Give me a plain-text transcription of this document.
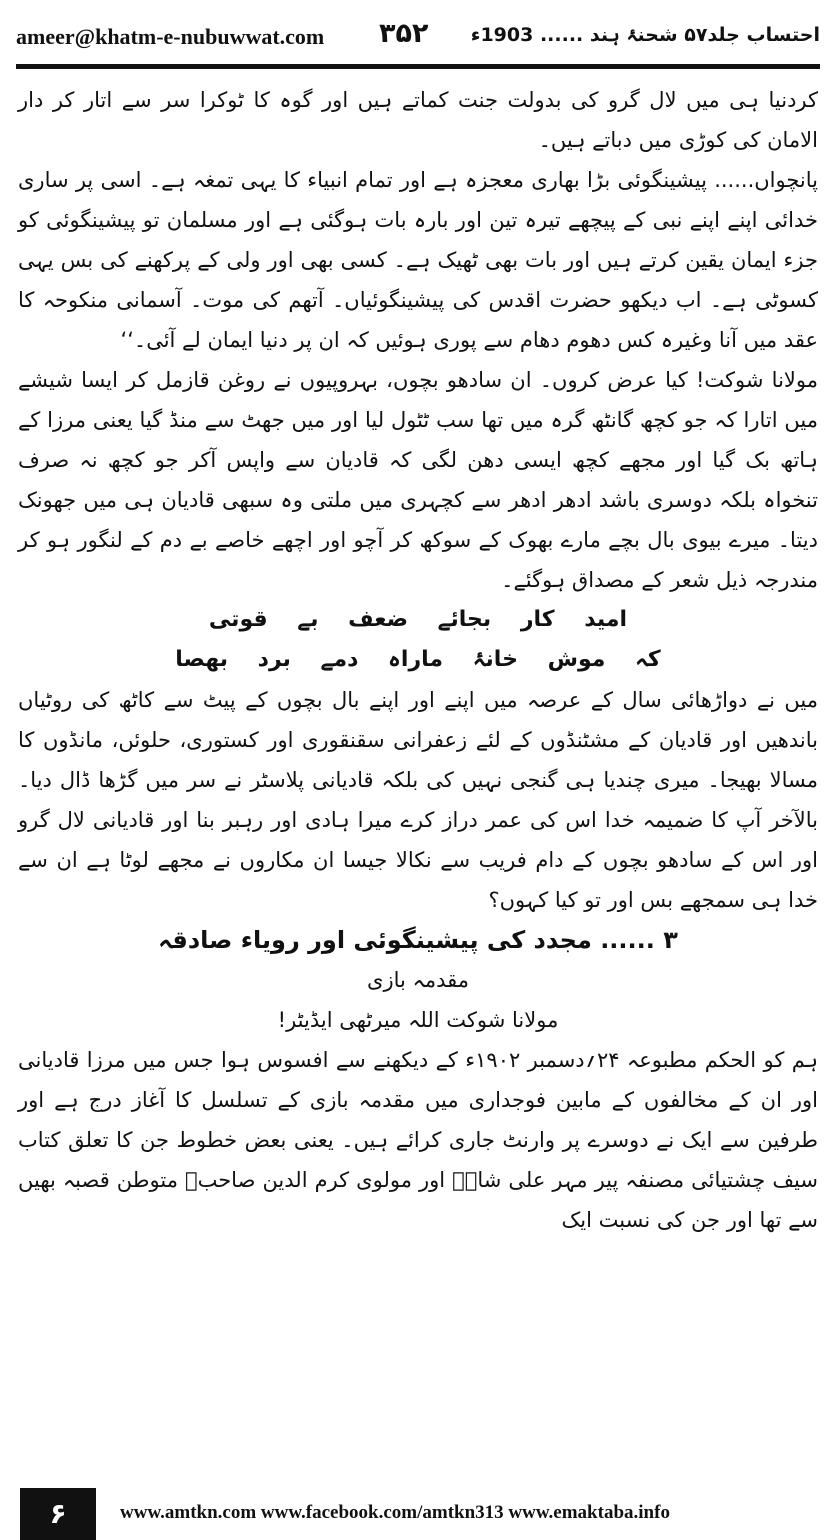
ameer@khatm-e-nubuwwat.com ۳۵۲ احتساب جلد۵۷ شحنۂ ہند ...... 1903ء

کردنیا ہی میں لال گرو کی بدولت جنت کماتے ہیں اور گوہ کا ٹوکرا سر سے اتار کر دار الامان کی کوڑی میں دباتے ہیں۔

پانچواں...... پیشینگوئی بڑا بھاری معجزہ ہے اور تمام انبیاء کا یہی تمغہ ہے۔ اسی پر ساری خدائی اپنے اپنے نبی کے پیچھے تیرہ تین اور بارہ بات ہوگئی ہے اور مسلمان تو پیشینگوئی کو جزء ایمان یقین کرتے ہیں اور بات بھی ٹھیک ہے۔ کسی بھی اور ولی کے پرکھنے کی بس یہی کسوٹی ہے۔ اب دیکھو حضرت اقدس کی پیشینگوئیاں۔ آتھم کی موت۔ آسمانی منکوحہ کا عقد میں آنا وغیرہ کس دھوم دھام سے پوری ہوئیں کہ ان پر دنیا ایمان لے آئی۔‘‘

مولانا شوکت! کیا عرض کروں۔ ان سادھو بچوں، بہروپیوں نے روغن قازمل کر ایسا شیشے میں اتارا کہ جو کچھ گانٹھ گرہ میں تھا سب ٹٹول لیا اور میں جھٹ سے منڈ گیا یعنی مرزا کے ہاتھ بک گیا اور مجھے کچھ ایسی دھن لگی کہ قادیان سے واپس آکر جو کچھ نہ صرف تنخواہ بلکہ دوسری باشد ادھر ادھر سے کچہری میں ملتی وہ سبھی قادیان ہی میں جھونک دیتا۔ میرے بیوی بال بچے مارے بھوک کے سوکھ کر آچو اور اچھے خاصے بے دم کے لنگور ہو کر مندرجہ ذیل شعر کے مصداق ہوگئے۔

امید کار بجائے ضعف بے قوتی

کہ موش خانۂ ماراہ دمے برد بھصا

میں نے دواڑھائی سال کے عرصہ میں اپنے اور اپنے بال بچوں کے پیٹ سے کاٹھ کی روٹیاں باندھیں اور قادیان کے مشٹنڈوں کے لئے زعفرانی سقنقوری اور کستوری، حلوئں، مانڈوں کا مسالا بھیجا۔ میری چندیا ہی گنجی نہیں کی بلکہ قادیانی پلاسٹر نے سر میں گڑھا ڈال دیا۔ بالآخر آپ کا ضمیمہ خدا اس کی عمر دراز کرے میرا ہادی اور رہبر بنا اور قادیانی لال گرو اور اس کے سادھو بچوں کے دام فریب سے نکالا جیسا ان مکاروں نے مجھے لوٹا ہے ان سے خدا ہی سمجھے بس اور تو کیا کہوں؟

۳ ...... مجدد کی پیشینگوئی اور رویاء صادقہ

مقدمہ بازی

مولانا شوکت اللہ میرٹھی ایڈیٹر!

ہم کو الحکم مطبوعہ ۲۴؍دسمبر ۱۹۰۲ء کے دیکھنے سے افسوس ہوا جس میں مرزا قادیانی اور ان کے مخالفوں کے مابین فوجداری میں مقدمہ بازی کے تسلسل کا آغاز درج ہے اور طرفین سے ایک نے دوسرے پر وارنٹ جاری کرائے ہیں۔ یعنی بعض خطوط جن کا تعلق کتاب سیف چشتیائی مصنفہ پیر مہر علی شاہؒ اور مولوی کرم الدین صاحبؒ متوطن قصبہ بھیں سے تھا اور جن کی نسبت ایک

۶	www.amtkn.com www.facebook.com/amtkn313 www.emaktaba.info
